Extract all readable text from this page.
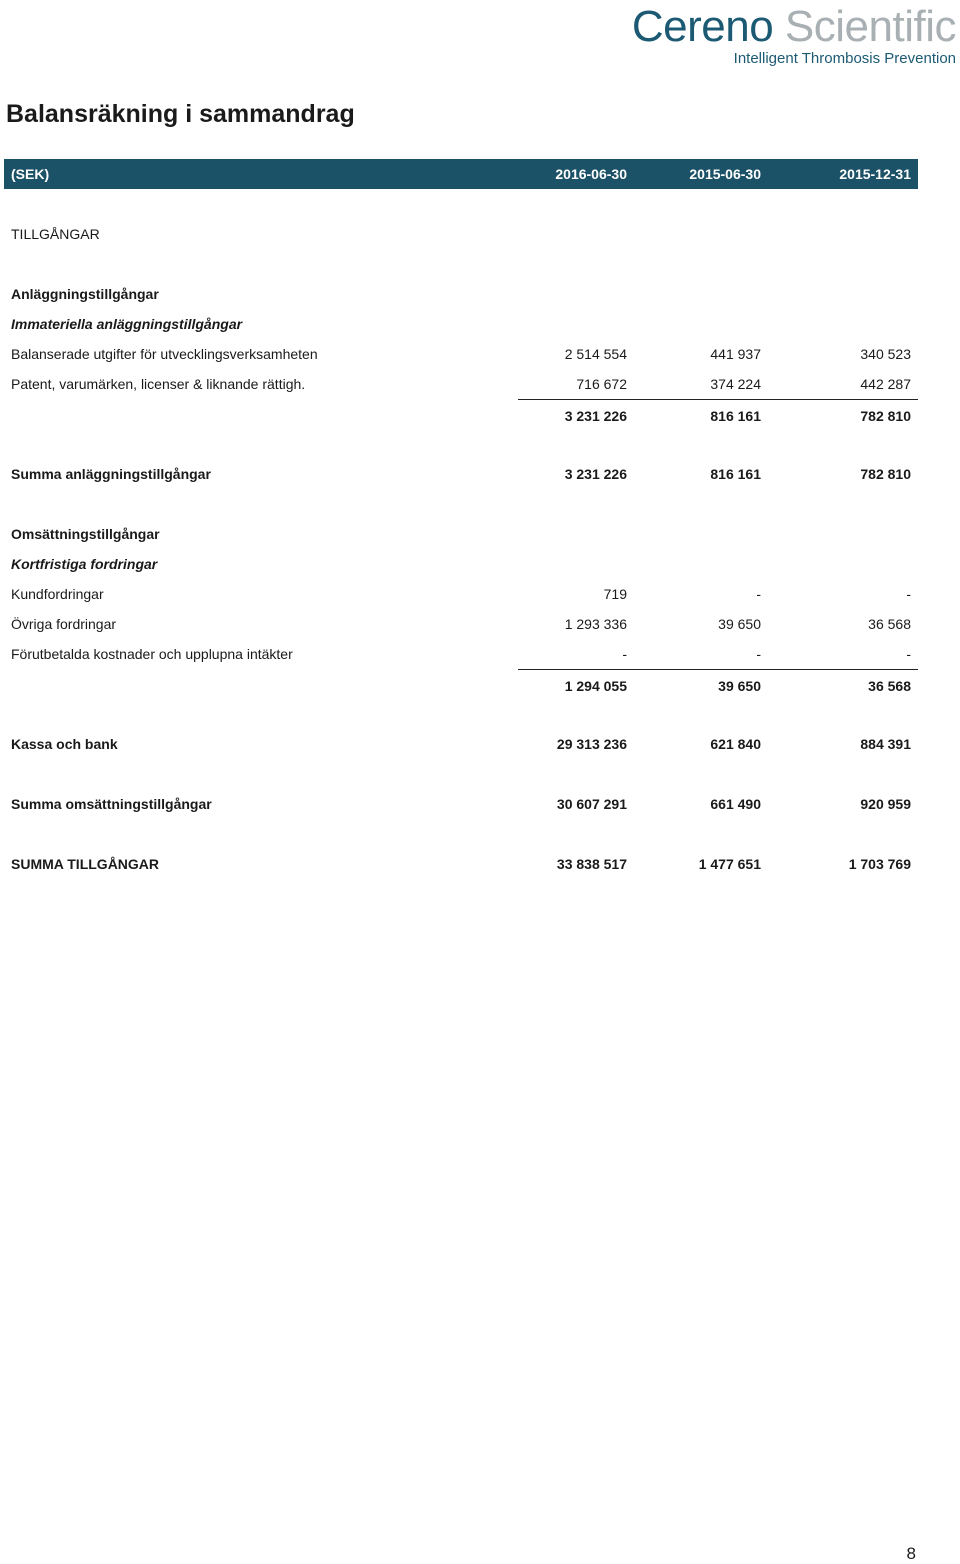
Cereno Scientific
Intelligent Thrombosis Prevention
Balansräkning i sammandrag
(SEK)	2016-06-30	2015-06-30	2015-12-31
TILLGÅNGAR
Anläggningstillgångar
Immateriella anläggningstillgångar
Balanserade utgifter för utvecklingsverksamheten	2 514 554	441 937	340 523
Patent, varumärken, licenser & liknande rättigh.	716 672	374 224	442 287
3 231 226	816 161	782 810
Summa anläggningstillgångar	3 231 226	816 161	782 810
Omsättningstillgångar
Kortfristiga fordringar
Kundfordringar	719	-	-
Övriga fordringar	1 293 336	39 650	36 568
Förutbetalda kostnader och upplupna intäkter	-	-	-
1 294 055	39 650	36 568
Kassa och bank	29 313 236	621 840	884 391
Summa omsättningstillgångar	30 607 291	661 490	920 959
SUMMA TILLGÅNGAR	33 838 517	1 477 651	1 703 769
8
